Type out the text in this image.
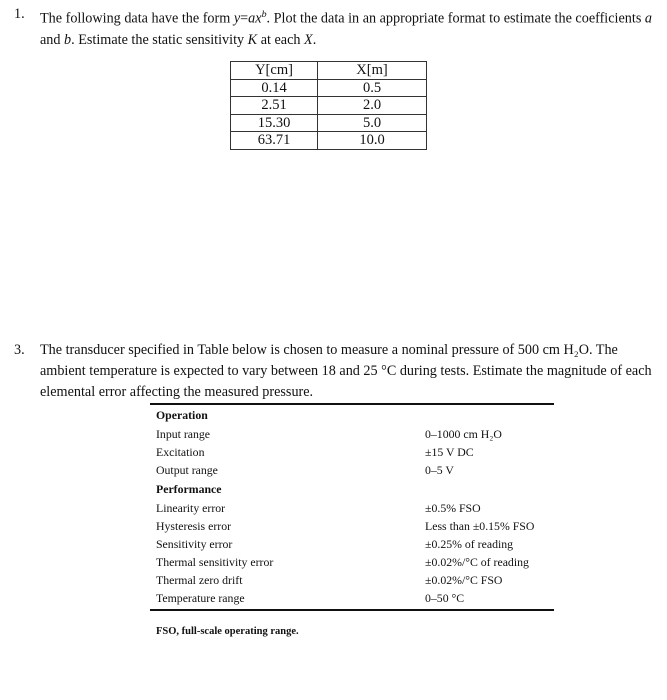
1. The following data have the form $y=ax^b$. Plot the data in an appropriate format to estimate the coefficients a and b. Estimate the static sensitivity K at each X.
Y[cm]	X[m]
0.14	0.5
2.51	2.0
15.30	5.0
63.71	10.0
3. The transducer specified in Table below is chosen to measure a nominal pressure of 500 cm H₂O. The ambient temperature is expected to vary between 18 and 25 °C during tests. Estimate the magnitude of each elemental error affecting the measured pressure.
Operation
Input range	0–1000 cm H₂O
Excitation	±15 V DC
Output range	0–5 V
Performance
Linearity error	±0.5% FSO
Hysteresis error	Less than ±0.15% FSO
Sensitivity error	±0.25% of reading
Thermal sensitivity error	±0.02%/°C of reading
Thermal zero drift	±0.02%/°C FSO
Temperature range	0–50 °C
FSO, full-scale operating range.
